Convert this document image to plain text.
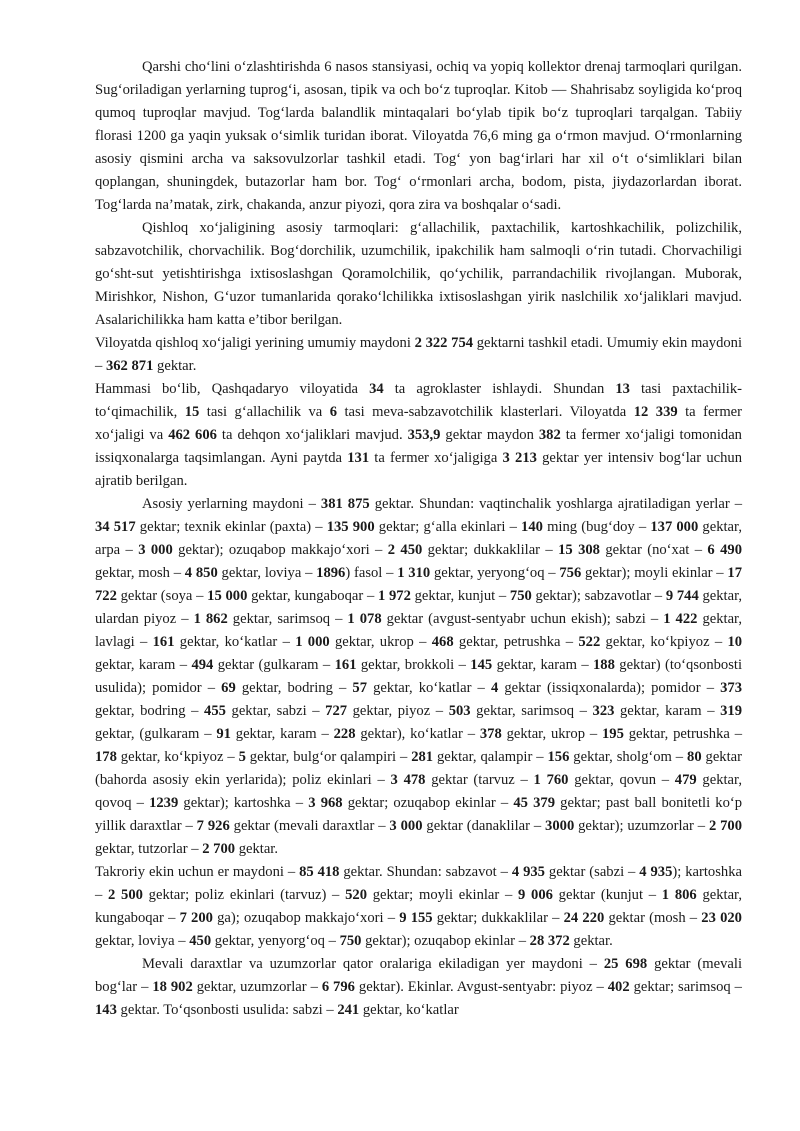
Qarshi cho‘lini o‘zlashtirishda 6 nasos stansiyasi, ochiq va yopiq kollektor drenaj tarmoqlari qurilgan. Sug‘oriladigan yerlarning tuprog‘i, asosan, tipik va och bo‘z tuproqlar. Kitob — Shahrisabz soyligida ko‘proq qumoq tuproqlar mavjud. Tog‘larda balandlik mintaqalari bo‘ylab tipik bo‘z tuproqlari tarqalgan. Tabiiy florasi 1200 ga yaqin yuksak o‘simlik turidan iborat. Viloyatda 76,6 ming ga o‘rmon mavjud. O‘rmonlarning asosiy qismini archa va saksovulzorlar tashkil etadi. Tog‘ yon bag‘irlari har xil o‘t o‘simliklari bilan qoplangan, shuningdek, butazorlar ham bor. Tog‘ o‘rmonlari archa, bodom, pista, jiydazorlardan iborat. Tog‘larda na’matak, zirk, chakanda, anzur piyozi, qora zira va boshqalar o‘sadi.

Qishloq xo‘jaligining asosiy tarmoqlari: g‘allachilik, paxtachilik, kartoshkachilik, polizchilik, sabzavotchilik, chorvachilik. Bog‘dorchilik, uzumchilik, ipakchilik ham salmoqli o‘rin tutadi. Chorvachiligi go‘sht-sut yetishtirishga ixtisoslashgan Qoramolchilik, qo‘ychilik, parrandachilik rivojlangan. Muborak, Mirishkor, Nishon, G‘uzor tumanlarida qorako‘lchilikka ixtisoslashgan yirik naslchilik xo‘jaliklari mavjud. Asalarichilikka ham katta e’tibor berilgan.

Viloyatda qishloq xo‘jaligi yerining umumiy maydoni 2 322 754 gektarni tashkil etadi. Umumiy ekin maydoni – 362 871 gektar.

Hammasi bo‘lib, Qashqadaryo viloyatida 34 ta agroklaster ishlaydi. Shundan 13 tasi paxtachilik-to‘qimachilik, 15 tasi g‘allachilik va 6 tasi meva-sabzavotchilik klasterlari. Viloyatda 12 339 ta fermer xo‘jaligi va 462 606 ta dehqon xo‘jaliklari mavjud. 353,9 gektar maydon 382 ta fermer xo‘jaligi tomonidan issiqxonalarga taqsimlangan. Ayni paytda 131 ta fermer xo‘jaligiga 3 213 gektar yer intensiv bog‘lar uchun ajratib berilgan.

Asosiy yerlarning maydoni – 381 875 gektar. Shundan: vaqtinchalik yoshlarga ajratiladigan yerlar – 34 517 gektar; texnik ekinlar (paxta) – 135 900 gektar; g‘alla ekinlari – 140 ming (bug‘doy – 137 000 gektar, arpa – 3 000 gektar); ozuqabop makkajo‘xori – 2 450 gektar; dukkaklilar – 15 308 gektar (no‘xat – 6 490 gektar, mosh – 4 850 gektar, loviya – 1896) fasol – 1 310 gektar, yeryong‘oq – 756 gektar); moyli ekinlar – 17 722 gektar (soya – 15 000 gektar, kungaboqar – 1 972 gektar, kunjut – 750 gektar); sabzavotlar – 9 744 gektar, ulardan piyoz – 1 862 gektar, sarimsoq – 1 078 gektar (avgust-sentyabr uchun ekish); sabzi – 1 422 gektar, lavlagi – 161 gektar, ko‘katlar – 1 000 gektar, ukrop – 468 gektar, petrushka – 522 gektar, ko‘kpiyoz – 10 gektar, karam – 494 gektar (gulkaram – 161 gektar, brokkoli – 145 gektar, karam – 188 gektar) (to‘qsonbosti usulida); pomidor – 69 gektar, bodring – 57 gektar, ko‘katlar – 4 gektar (issiqxonalarda); pomidor – 373 gektar, bodring – 455 gektar, sabzi – 727 gektar, piyoz – 503 gektar, sarimsoq – 323 gektar, karam – 319 gektar, (gulkaram – 91 gektar, karam – 228 gektar), ko‘katlar – 378 gektar, ukrop – 195 gektar, petrushka – 178 gektar, ko‘kpiyoz – 5 gektar, bulg‘or qalampiri – 281 gektar, qalampir – 156 gektar, sholg‘om – 80 gektar (bahorda asosiy ekin yerlarida); poliz ekinlari – 3 478 gektar (tarvuz – 1 760 gektar, qovun – 479 gektar, qovoq – 1239 gektar); kartoshka – 3 968 gektar; ozuqabop ekinlar – 45 379 gektar; past ball bonitetli ko‘p yillik daraxtlar – 7 926 gektar (mevali daraxtlar – 3 000 gektar (danaklilar – 3000 gektar); uzumzorlar – 2 700 gektar, tutzorlar – 2 700 gektar.

Takroriy ekin uchun er maydoni – 85 418 gektar. Shundan: sabzavot – 4 935 gektar (sabzi – 4 935); kartoshka – 2 500 gektar; poliz ekinlari (tarvuz) – 520 gektar; moyli ekinlar – 9 006 gektar (kunjut – 1 806 gektar, kungaboqar – 7 200 ga); ozuqabop makkajo‘xori – 9 155 gektar; dukkaklilar – 24 220 gektar (mosh – 23 020 gektar, loviya – 450 gektar, yenyorg‘oq – 750 gektar); ozuqabop ekinlar – 28 372 gektar.

Mevali daraxtlar va uzumzorlar qator oralariga ekiladigan yer maydoni – 25 698 gektar (mevali bog‘lar – 18 902 gektar, uzumzorlar – 6 796 gektar). Ekinlar. Avgust-sentyabr: piyoz – 402 gektar; sarimsoq – 143 gektar. To‘qsonbosti usulida: sabzi – 241 gektar, ko‘katlar
